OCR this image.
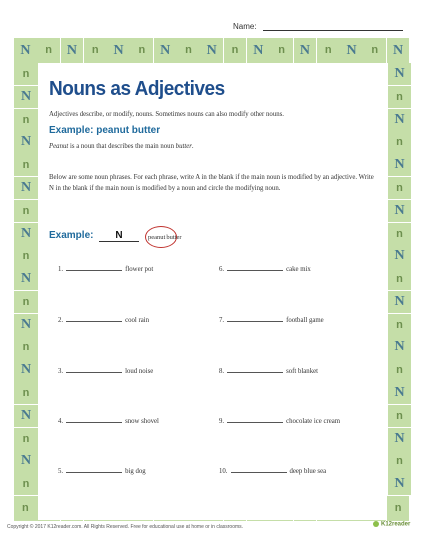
Name:
N	n	N	n	N	n	N	n	N	n	N	n	N	n	N	n	N
n	n
n	N
N	n
n	N
N	n
n	N
N	n
n	N
N	n
n	N
N	n
n	N
N	n
n	N
N	n
n	N
N	n
n	N
N	n
n	N
Nouns as Adjectives
Adjectives describe, or modify, nouns. Sometimes nouns can also modify other nouns.
Example: peanut butter
Peanut is a noun that describes the main noun butter.
Below are some noun phrases. For each phrase, write A in the blank if the main noun is modified by an adjective. Write N in the blank if the main noun is modified by a noun and circle the modifying noun.
Example:	N	peanutbutter
1.	flower pot	6.	cake mix
2.	cool rain	7.	football game
3.	loud noise	8.	soft blanket
4.	snow shovel	9.	chocolate ice cream
5.	big dog	10.	deep blue sea
Copyright © 2017 K12reader.com. All Rights Reserved. Free for educational use at home or in classrooms.	K12reader
